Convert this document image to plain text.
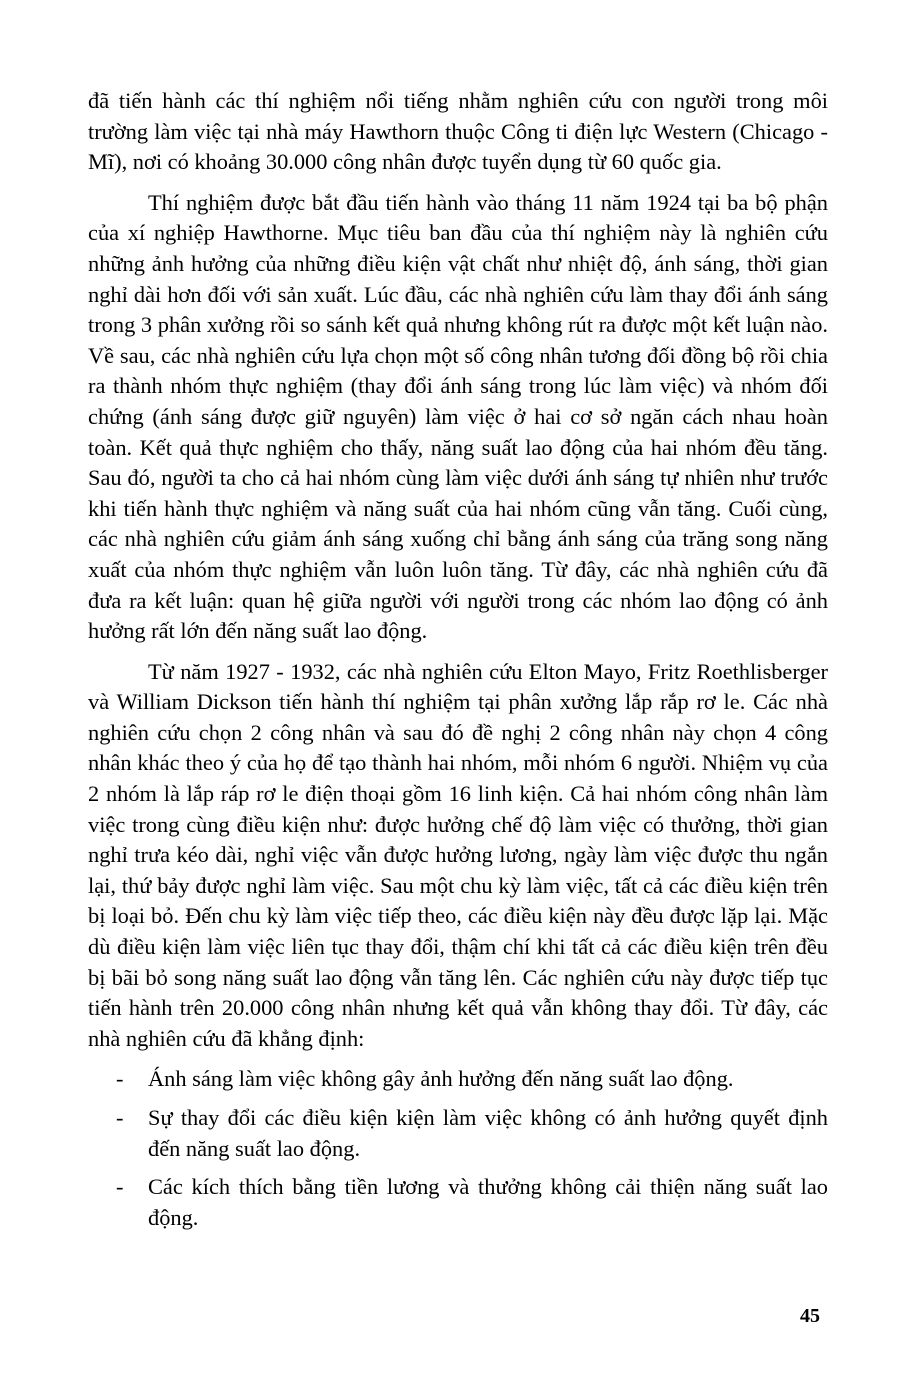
đã tiến hành các thí nghiệm nổi tiếng nhằm nghiên cứu con người trong môi trường làm việc tại nhà máy Hawthorn thuộc Công ti điện lực Western (Chicago - Mĩ), nơi có khoảng 30.000 công nhân được tuyển dụng từ 60 quốc gia.

Thí nghiệm được bắt đầu tiến hành vào tháng 11 năm 1924 tại ba bộ phận của xí nghiệp Hawthorne. Mục tiêu ban đầu của thí nghiệm này là nghiên cứu những ảnh hưởng của những điều kiện vật chất như nhiệt độ, ánh sáng, thời gian nghỉ dài hơn đối với sản xuất. Lúc đầu, các nhà nghiên cứu làm thay đổi ánh sáng trong 3 phân xưởng rồi so sánh kết quả nhưng không rút ra được một kết luận nào. Về sau, các nhà nghiên cứu lựa chọn một số công nhân tương đối đồng bộ rồi chia ra thành nhóm thực nghiệm (thay đổi ánh sáng trong lúc làm việc) và nhóm đối chứng (ánh sáng được giữ nguyên) làm việc ở hai cơ sở ngăn cách nhau hoàn toàn. Kết quả thực nghiệm cho thấy, năng suất lao động của hai nhóm đều tăng. Sau đó, người ta cho cả hai nhóm cùng làm việc dưới ánh sáng tự nhiên như trước khi tiến hành thực nghiệm và năng suất của hai nhóm cũng vẫn tăng. Cuối cùng, các nhà nghiên cứu giảm ánh sáng xuống chỉ bằng ánh sáng của trăng song năng xuất của nhóm thực nghiệm vẫn luôn luôn tăng. Từ đây, các nhà nghiên cứu đã đưa ra kết luận: quan hệ giữa người với người trong các nhóm lao động có ảnh hưởng rất lớn đến năng suất lao động.

Từ năm 1927 - 1932, các nhà nghiên cứu Elton Mayo, Fritz Roethlisberger và William Dickson tiến hành thí nghiệm tại phân xưởng lắp rắp rơ le. Các nhà nghiên cứu chọn 2 công nhân và sau đó đề nghị 2 công nhân này chọn 4 công nhân khác theo ý của họ để tạo thành hai nhóm, mỗi nhóm 6 người. Nhiệm vụ của 2 nhóm là lắp ráp rơ le điện thoại gồm 16 linh kiện. Cả hai nhóm công nhân làm việc trong cùng điều kiện như: được hưởng chế độ làm việc có thưởng, thời gian nghỉ trưa kéo dài, nghỉ việc vẫn được hưởng lương, ngày làm việc được thu ngắn lại, thứ bảy được nghỉ làm việc. Sau một chu kỳ làm việc, tất cả các điều kiện trên bị loại bỏ. Đến chu kỳ làm việc tiếp theo, các điều kiện này đều được lặp lại. Mặc dù điều kiện làm việc liên tục thay đổi, thậm chí khi tất cả các điều kiện trên đều bị bãi bỏ song năng suất lao động vẫn tăng lên. Các nghiên cứu này được tiếp tục tiến hành trên 20.000 công nhân nhưng kết quả vẫn không thay đổi. Từ đây, các nhà nghiên cứu đã khẳng định:

- Ánh sáng làm việc không gây ảnh hưởng đến năng suất lao động.
- Sự thay đổi các điều kiện kiện làm việc không có ảnh hưởng quyết định đến năng suất lao động.
- Các kích thích bằng tiền lương và thưởng không cải thiện năng suất lao động.
45
